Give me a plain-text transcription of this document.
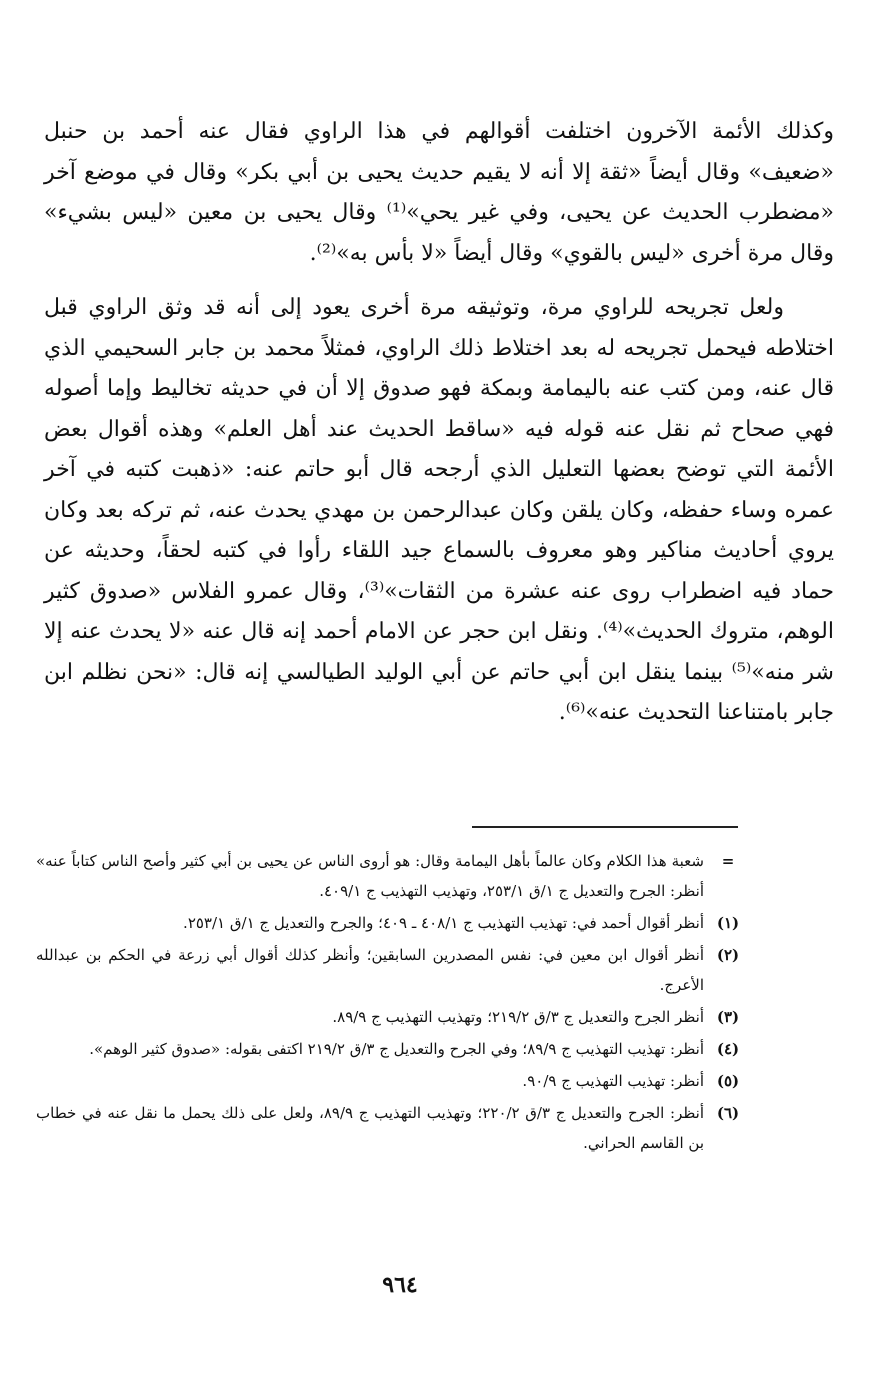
وكذلك الأئمة الآخرون اختلفت أقوالهم في هذا الراوي فقال عنه أحمد بن حنبل «ضعيف» وقال أيضاً «ثقة إلا أنه لا يقيم حديث يحيى بن أبي بكر» وقال في موضع آخر «مضطرب الحديث عن يحيى، وفي غير يحي»⁽¹⁾ وقال يحيى بن معين «ليس بشيء» وقال مرة أخرى «ليس بالقوي» وقال أيضاً «لا بأس به»⁽²⁾.

ولعل تجريحه للراوي مرة، وتوثيقه مرة أخرى يعود إلى أنه قد وثق الراوي قبل اختلاطه فيحمل تجريحه له بعد اختلاط ذلك الراوي، فمثلاً محمد بن جابر السحيمي الذي قال عنه، ومن كتب عنه باليمامة وبمكة فهو صدوق إلا أن في حديثه تخاليط وإما أصوله فهي صحاح ثم نقل عنه قوله فيه «ساقط الحديث عند أهل العلم» وهذه أقوال بعض الأئمة التي توضح بعضها التعليل الذي أرجحه قال أبو حاتم عنه: «ذهبت كتبه في آخر عمره وساء حفظه، وكان يلقن وكان عبدالرحمن بن مهدي يحدث عنه، ثم تركه بعد وكان يروي أحاديث مناكير وهو معروف بالسماع جيد اللقاء رأوا في كتبه لحقاً، وحديثه عن حماد فيه اضطراب روى عنه عشرة من الثقات»⁽³⁾، وقال عمرو الفلاس «صدوق كثير الوهم، متروك الحديث»⁽⁴⁾. ونقل ابن حجر عن الامام أحمد إنه قال عنه «لا يحدث عنه إلا شر منه»⁽⁵⁾ بينما ينقل ابن أبي حاتم عن أبي الوليد الطيالسي إنه قال: «نحن نظلم ابن جابر بامتناعنا التحديث عنه»⁽⁶⁾.

=
شعبة هذا الكلام وكان عالماً بأهل اليمامة وقال: هو أروى الناس عن يحيى بن أبي كثير وأصح الناس كتاباً عنه» أنظر: الجرح والتعديل ج ١/ق ٢٥٣/١، وتهذيب التهذيب ج ٤٠٩/١.
(١)
أنظر أقوال أحمد في: تهذيب التهذيب ج ٤٠٨/١ ـ ٤٠٩؛ والجرح والتعديل ج ١/ق ٢٥٣/١.
(٢)
أنظر أقوال ابن معين في: نفس المصدرين السابقين؛ وأنظر كذلك أقوال أبي زرعة في الحكم بن عبدالله الأعرج.
(٣)
أنظر الجرح والتعديل ج ٣/ق ٢١٩/٢؛ وتهذيب التهذيب ج ٨٩/٩.
(٤)
أنظر: تهذيب التهذيب ج ٨٩/٩؛ وفي الجرح والتعديل ج ٣/ق ٢١٩/٢ اكتفى بقوله: «صدوق كثير الوهم».
(٥)
أنظر: تهذيب التهذيب ج ٩٠/٩.
(٦)
أنظر: الجرح والتعديل ج ٣/ق ٢٢٠/٢؛ وتهذيب التهذيب ج ٨٩/٩، ولعل على ذلك يحمل ما نقل عنه في خطاب بن القاسم الحراني.
٩٦٤
